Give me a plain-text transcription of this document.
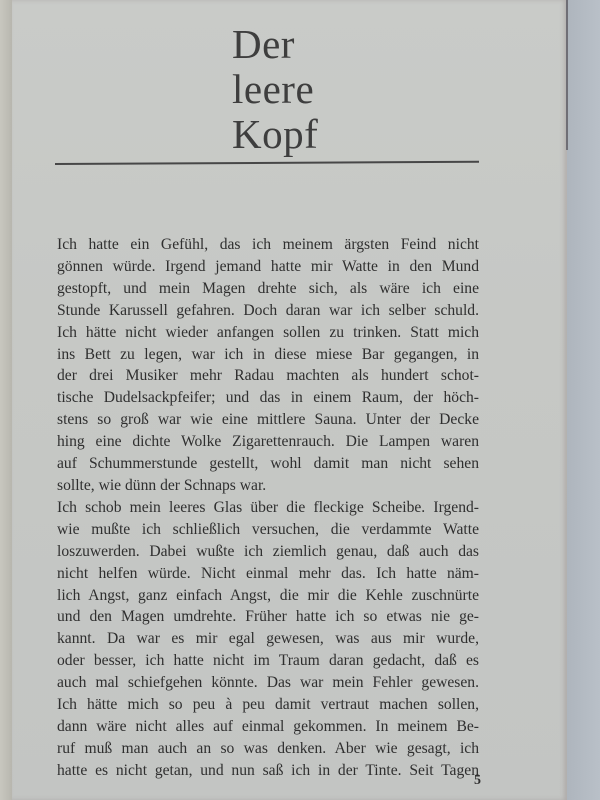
Der
leere
Kopf

Ich hatte ein Gefühl, das ich meinem ärgsten Feind nicht
gönnen würde. Irgend jemand hatte mir Watte in den Mund
gestopft, und mein Magen drehte sich, als wäre ich eine
Stunde Karussell gefahren. Doch daran war ich selber schuld.
Ich hätte nicht wieder anfangen sollen zu trinken. Statt mich
ins Bett zu legen, war ich in diese miese Bar gegangen, in
der drei Musiker mehr Radau machten als hundert schot-
tische Dudelsackpfeifer; und das in einem Raum, der höch-
stens so groß war wie eine mittlere Sauna. Unter der Decke
hing eine dichte Wolke Zigarettenrauch. Die Lampen waren
auf Schummerstunde gestellt, wohl damit man nicht sehen
sollte, wie dünn der Schnaps war.
Ich schob mein leeres Glas über die fleckige Scheibe. Irgend-
wie mußte ich schließlich versuchen, die verdammte Watte
loszuwerden. Dabei wußte ich ziemlich genau, daß auch das
nicht helfen würde. Nicht einmal mehr das. Ich hatte näm-
lich Angst, ganz einfach Angst, die mir die Kehle zuschnürte
und den Magen umdrehte. Früher hatte ich so etwas nie ge-
kannt. Da war es mir egal gewesen, was aus mir wurde,
oder besser, ich hatte nicht im Traum daran gedacht, daß es
auch mal schiefgehen könnte. Das war mein Fehler gewesen.
Ich hätte mich so peu à peu damit vertraut machen sollen,
dann wäre nicht alles auf einmal gekommen. In meinem Be-
ruf muß man auch an so was denken. Aber wie gesagt, ich
hatte es nicht getan, und nun saß ich in der Tinte. Seit Tagen

5
